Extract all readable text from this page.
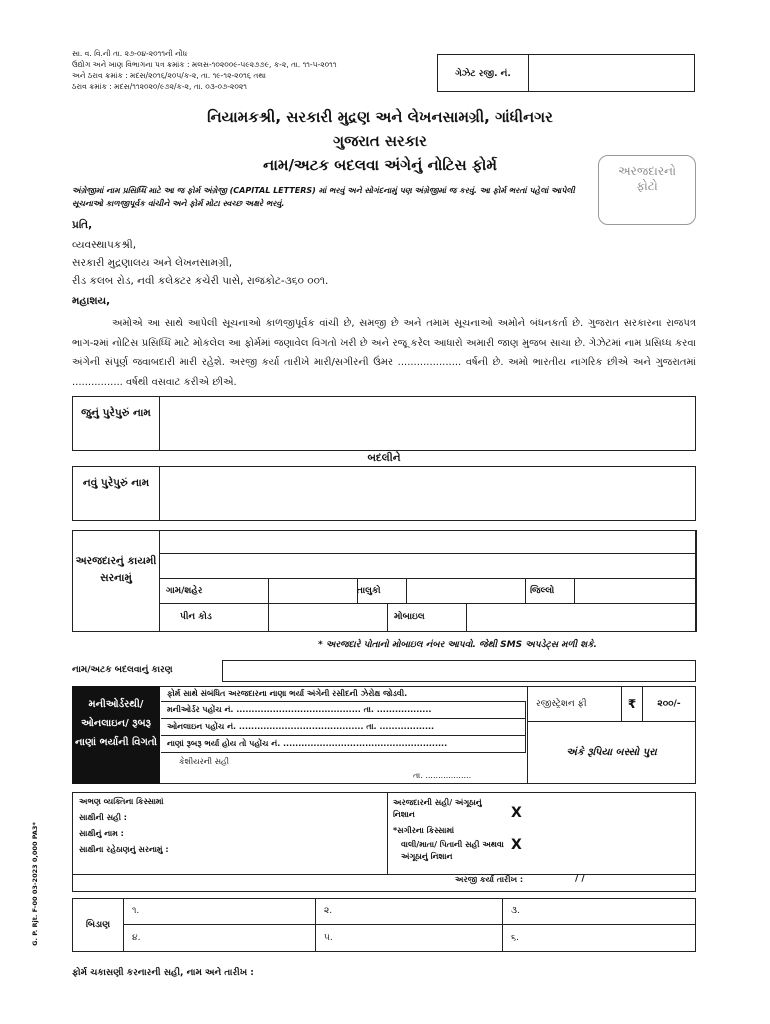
સા. વ. વિ.ની તા. ૨૭-૦૪-૨૦૧૧ની નોંધ
ઉદ્યોગ અને ખાણ વિભાગના પત્ર ક્રમાંક : મલસ-૧૦૨૦૦૯-૫૯૨૭૭૯, ક-૨, તા. ૧૧-૫-૨૦૧૧
અને ઠરાવ ક્રમાંક : મદસ/૨૦૧૬/૨૦૫/ક-૨, તા. ૧૯-૧૨-૨૦૧૬ તથા
ઠરાવ ક્રમાંક : મદસ/૧૧૨૦૨૦/૯૭૨/ક-૨, તા. ૦૩-૦૭-૨૦૨૧
ગેઝેટ રજી. નં.
નિયામકશ્રી, સરકારી મુદ્રણ અને લેખનસામગ્રી, ગાંધીનગર
ગુજરાત સરકાર
નામ/અટક બદલવા અંગેનું નોટિસ ફોર્મ	અરજદારનો ફોટો
અંગ્રેજીમાં નામ પ્રસિધ્ધિ માટે આ જ ફોર્મ અંગ્રેજી (CAPITAL LETTERS) માં ભરવું અને સોગંદનામું પણ અંગ્રેજીમાં જ કરવું. આ ફોર્મ ભરતાં પહેલાં આપેલી સૂચનાઓ કાળજીપૂર્વક વાંચીને અને ફોર્મ મોટા સ્વચ્છ અક્ષરે ભરવું.
પ્રતિ,
વ્યવસ્થાપકશ્રી,
સરકારી મુદ્રણાલય અને લેખનસામગ્રી,
રીડ કલબ રોડ, નવી કલેક્ટર કચેરી પાસે, રાજકોટ-૩૬૦ ૦૦૧.
મહાશય,
અમોએ આ સાથે આપેલી સૂચનાઓ કાળજીપૂર્વક વાંચી છે, સમજી છે અને તમામ સૂચનાઓ અમોને બંધનકર્તા છે. ગુજરાત સરકારના રાજપત્ર ભાગ-૨માં નોટિસ પ્રસિધ્ધિ માટે મોકલેલ આ ફોર્મમાં જણાવેલ વિગતો ખરી છે અને રજૂ કરેલ આધારો અમારી જાણ મુજબ સાચા છે. ગેઝેટમાં નામ પ્રસિધ્ધ કરવા અંગેની સંપૂર્ણ જવાબદારી મારી રહેશે. અરજી કર્યા તારીખે મારી/સગીરની ઉંમર .................... વર્ષની છે. અમો ભારતીય નાગરિક છીએ અને ગુજરાતમાં ................ વર્ષથી વસવાટ કરીએ છીએ.
જુનું પુરેપુરું નામ
બદલીને
નવું પુરેપુરું નામ
અરજદારનું કાયમી સરનામું
ગામ/શહેર	તાલુકો	જિલ્લો
પીન કોડ	મોબાઇલ
* અરજદારે પોતાનો મોબાઇલ નંબર આપવો. જેથી SMS અપડેટ્સ મળી શકે.
નામ/અટક બદલવાનું કારણ
મનીઓર્ડરથી/ ઓનલાઇન/ રૂબરૂ નાણાં ભર્યાની વિગતો
ફોર્મ સાથે સંબંધિત અરજદારના નાણા ભર્યા અંગેની રસીદની ઝેરોક્ષ જોડવી.
મનીઓર્ડર પહોંચ નં. ......................................... તા. ..................
ઓનલાઇન પહોંચ નં. ......................................... તા. ..................
નાણાં રૂબરૂ ભર્યા હોય તો પહોંચ નં. ......................................................
કેશીયરની સહી
તા. ..................
રજીસ્ટ્રેશન ફી	₹	૨૦૦/-
અંકે રૂપિયા બસ્સો પુરા
અભણ વ્યક્તિના કિસ્સામાં
સાક્ષીની સહી :
સાક્ષીનું નામ :
સાક્ષીના રહેઠાણનું સરનામું :
અરજદારની સહી/ અંગૂઠાનું નિશાન	X
*સગીરના કિસ્સામાં
વાલી/માતા/ પિતાની સહી અથવા અંગૂઠાનું નિશાન
X
અરજી કર્યા તારીખ :	/ /
બિડાણ
૧.	૨.	૩.
૪.	૫.	૬.
ફોર્મ ચકાસણી કરનારની સહી, નામ અને તારીખ :
G. P. Rjt. F-00 03-2023 0,000 PA3*
